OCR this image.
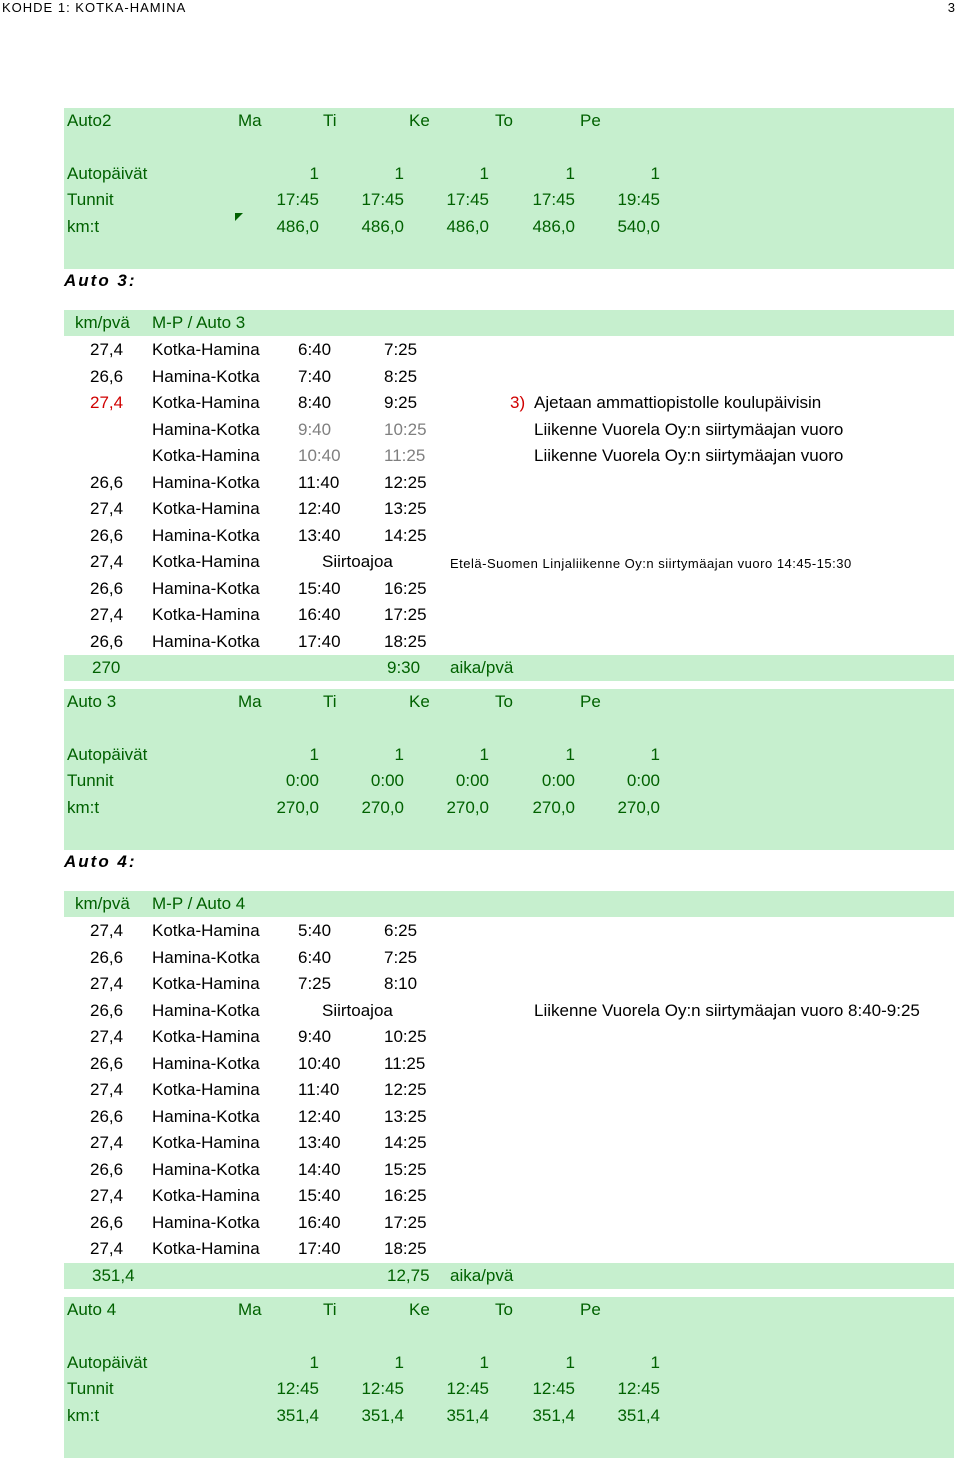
KOHDE 1: KOTKA-HAMINA	3
Auto2	Ma	Ti	Ke	To	Pe
Autopäivät	1	1	1	1	1
Tunnit	17:45	17:45	17:45	17:45	19:45
km:t	486,0	486,0	486,0	486,0	540,0
Auto 3:
km/pvä M-P / Auto 3
27,4 Kotka-Hamina 6:40	7:25
26,6 Hamina-Kotka 7:40	8:25
27,4 Kotka-Hamina 8:40	9:25	3) Ajetaan ammattiopistolle koulupäivisin
Hamina-Kotka 9:40	10:25	Liikenne Vuorela Oy:n siirtymäajan vuoro
Kotka-Hamina 10:40	11:25	Liikenne Vuorela Oy:n siirtymäajan vuoro
26,6 Hamina-Kotka 11:40	12:25
27,4 Kotka-Hamina 12:40	13:25
26,6 Hamina-Kotka 13:40	14:25
27,4 Kotka-Hamina	Siirtoajoa	Etelä-Suomen Linjaliikenne Oy:n siirtymäajan vuoro 14:45-15:30
26,6 Hamina-Kotka 15:40	16:25
27,4 Kotka-Hamina 16:40	17:25
26,6 Hamina-Kotka 17:40	18:25
270	9:30 aika/pvä
Auto 3	Ma	Ti	Ke	To	Pe
Autopäivät	1	1	1	1	1
Tunnit	0:00	0:00	0:00	0:00	0:00
km:t	270,0	270,0	270,0	270,0	270,0
Auto 4:
km/pvä M-P / Auto 4
27,4 Kotka-Hamina 5:40	6:25
26,6 Hamina-Kotka 6:40	7:25
27,4 Kotka-Hamina 7:25	8:10
26,6 Hamina-Kotka	Siirtoajoa	Liikenne Vuorela Oy:n siirtymäajan vuoro 8:40-9:25
27,4 Kotka-Hamina 9:40	10:25
26,6 Hamina-Kotka 10:40	11:25
27,4 Kotka-Hamina 11:40	12:25
26,6 Hamina-Kotka 12:40	13:25
27,4 Kotka-Hamina 13:40	14:25
26,6 Hamina-Kotka 14:40	15:25
27,4 Kotka-Hamina 15:40	16:25
26,6 Hamina-Kotka 16:40	17:25
27,4 Kotka-Hamina 17:40	18:25
351,4	12,75 aika/pvä
Auto 4	Ma	Ti	Ke	To	Pe
Autopäivät	1	1	1	1	1
Tunnit	12:45	12:45	12:45	12:45	12:45
km:t	351,4	351,4	351,4	351,4	351,4
